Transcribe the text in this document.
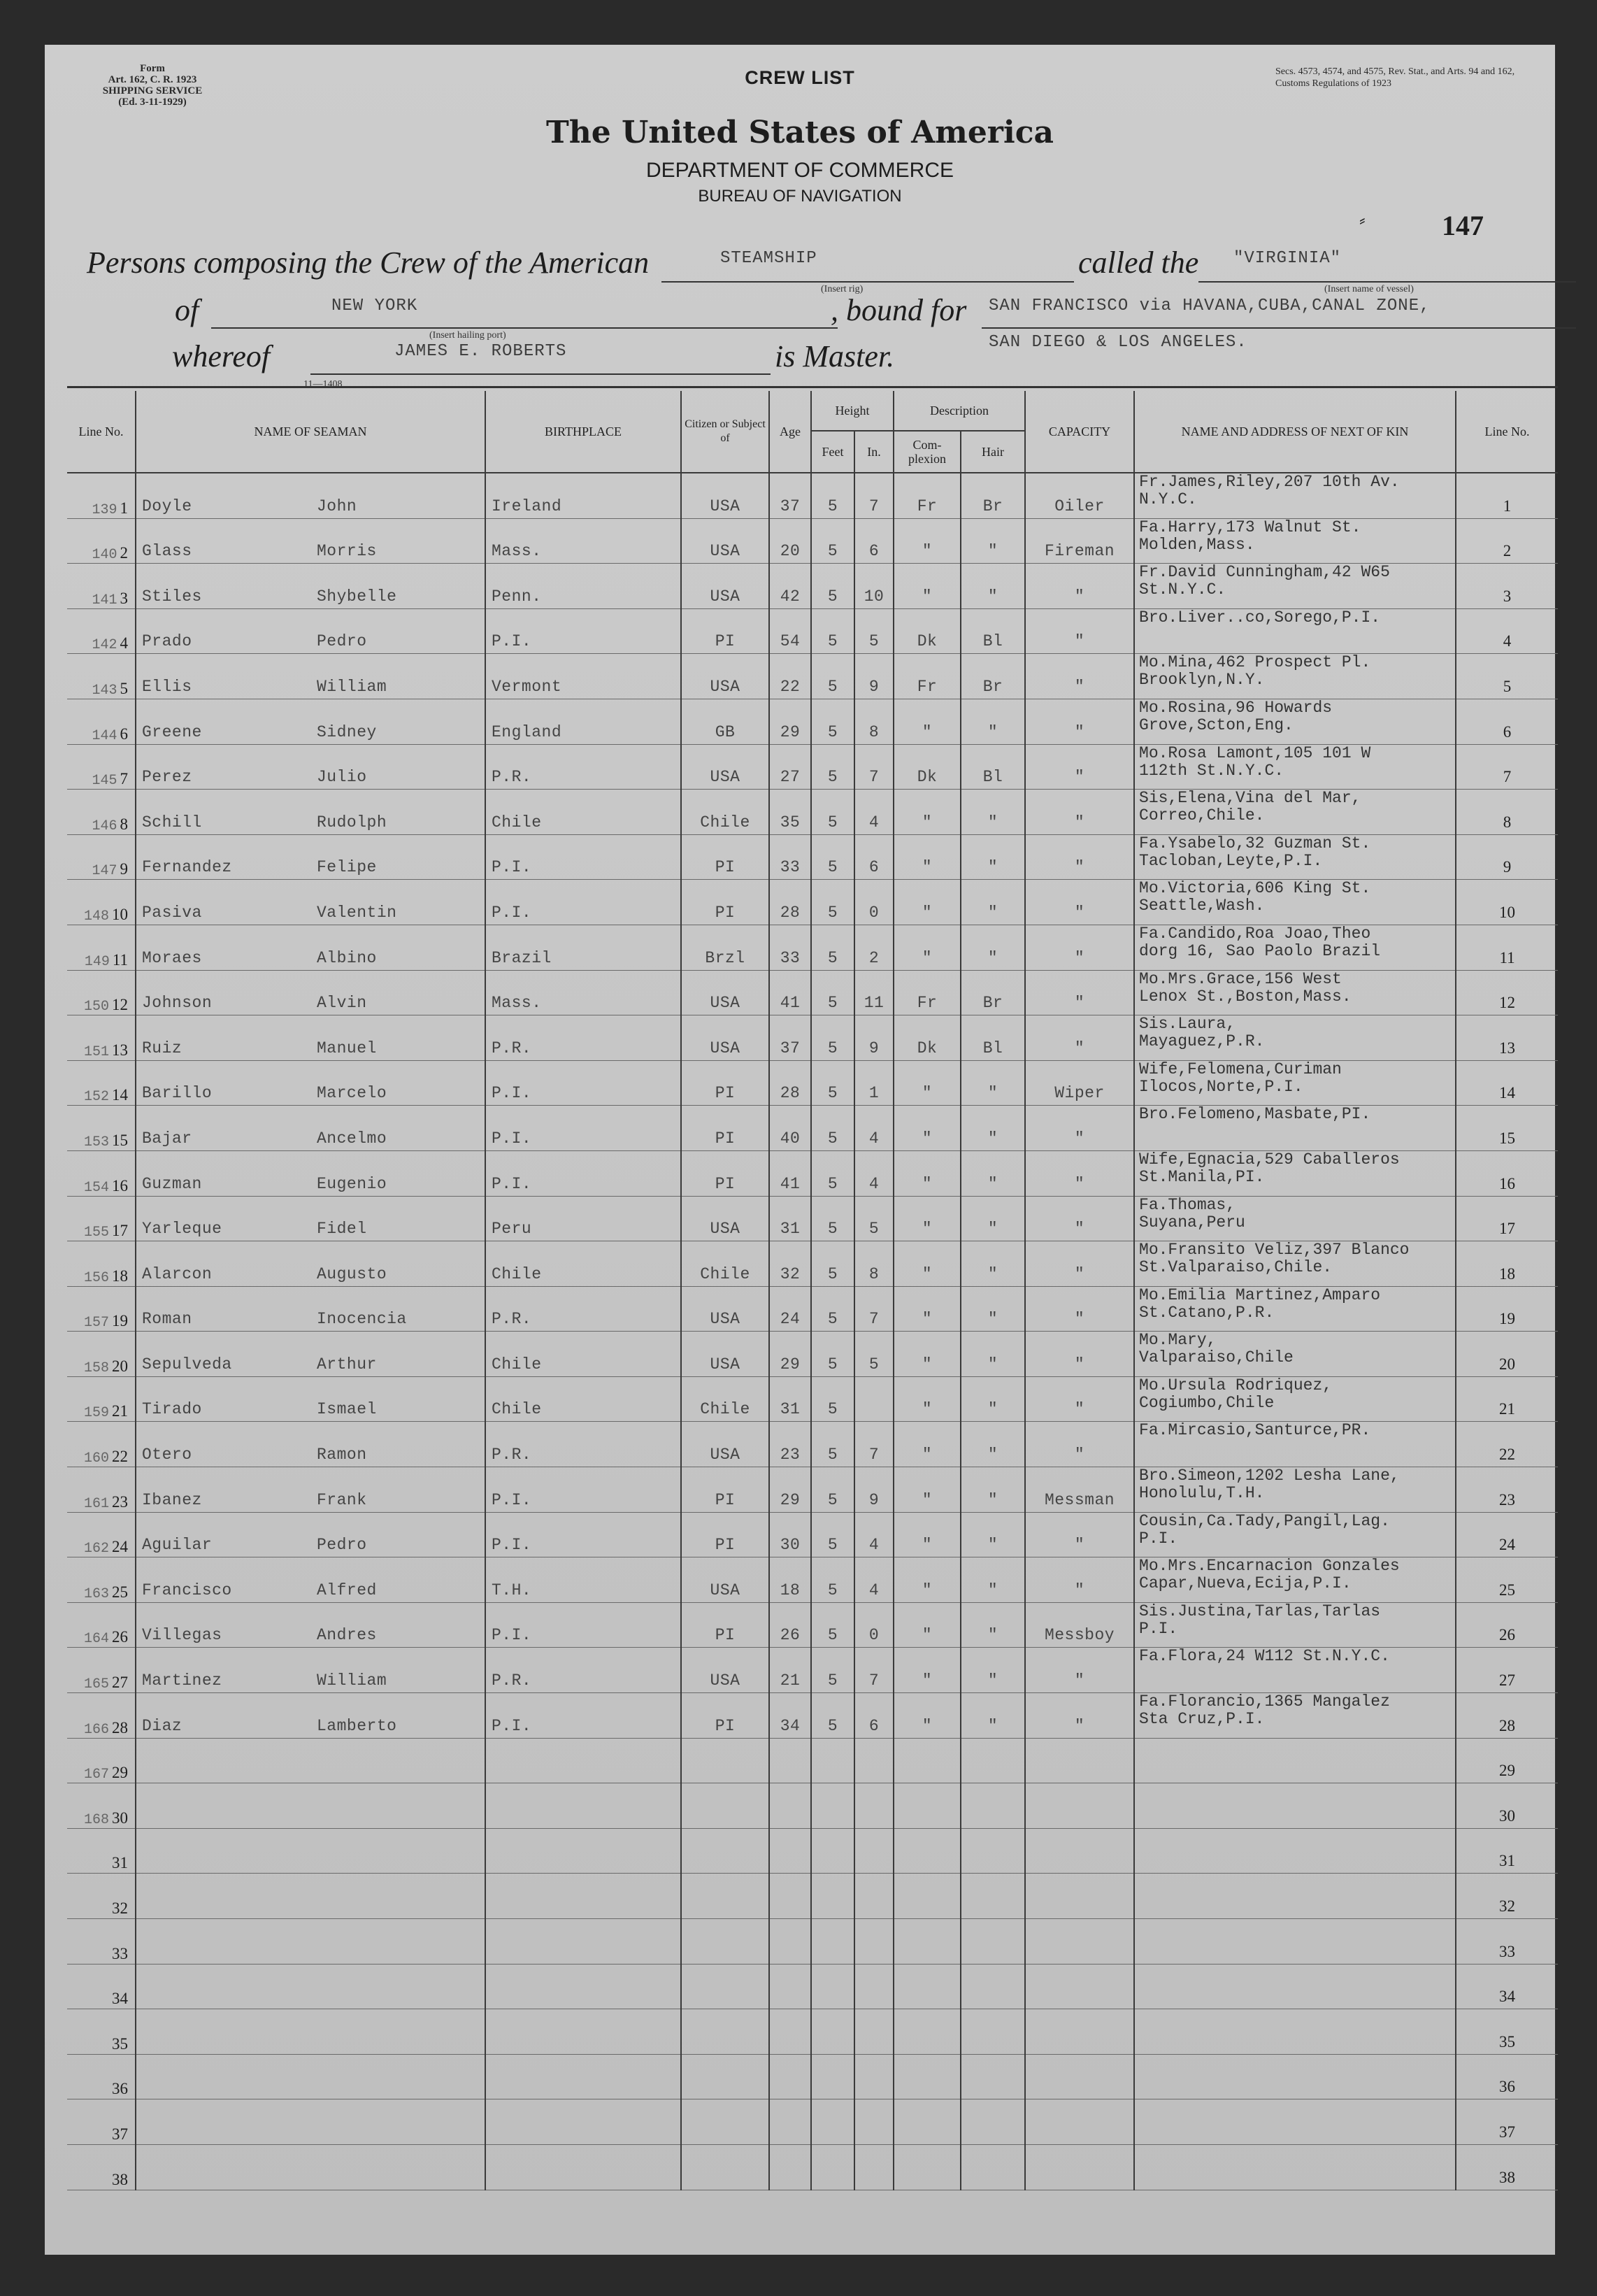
Form
Art. 162, C. R. 1923
SHIPPING SERVICE
(Ed. 3-11-1929)
CREW LIST	Secs. 4573, 4574, and 4575, Rev. Stat., and Arts. 94 and 162, Customs Regulations of 1923
The United States of America
DEPARTMENT OF COMMERCE
BUREAU OF NAVIGATION
⸗	147
Persons composing the Crew of the American	STEAMSHIP
(Insert rig)
called the "VIRGINIA"
(Insert name of vessel)
of	NEW YORK
(Insert hailing port)
, bound for SAN FRANCISCO via HAVANA,CUBA,CANAL ZONE,
SAN DIEGO & LOS ANGELES.
whereof	JAMES E. ROBERTS	is Master.
11—1408
Line No.	NAME OF SEAMAN	BIRTHPLACE	Citizen or Subject of	Age	Height		Description		CAPACITY	NAME AND ADDRESS OF NEXT OF KIN	Line No.
					Feet	In.	Com- plexion	Hair			
139 1	Doyle John	Ireland	USA	37	5	7	Fr	Br	Oiler	Fr.James,Riley,207 10th Av.
N.Y.C.	1
140 2	Glass Morris	Mass.	USA	20	5	6	"	"	Fireman	Fa.Harry,173 Walnut St.
Molden,Mass.	2
141 3	Stiles Shybelle	Penn.	USA	42	5	10	"	"	"	Fr.David Cunningham,42 W65
St.N.Y.C.	3
142 4	Prado Pedro	P.I.	PI	54	5	5	Dk	Bl	"	Bro.Liver..co,Sorego,P.I.	4
143 5	Ellis William	Vermont	USA	22	5	9	Fr	Br	"	Mo.Mina,462 Prospect Pl.
Brooklyn,N.Y.	5
144 6	Greene Sidney	England	GB	29	5	8	"	"	"	Mo.Rosina,96 Howards
Grove,Scton,Eng.	6
145 7	Perez Julio	P.R.	USA	27	5	7	Dk	Bl	"	Mo.Rosa Lamont,105 101 W
112th St.N.Y.C.	7
146 8	Schill Rudolph	Chile	Chile	35	5	4	"	"	"	Sis,Elena,Vina del Mar,
Correo,Chile.	8
147 9	Fernandez Felipe	P.I.	PI	33	5	6	"	"	"	Fa.Ysabelo,32 Guzman St.
Tacloban,Leyte,P.I.	9
148 10	Pasiva Valentin	P.I.	PI	28	5	0	"	"	"	Mo.Victoria,606 King St.
Seattle,Wash.	10
149 11	Moraes Albino	Brazil	Brzl	33	5	2	"	"	"	Fa.Candido,Roa Joao,Theo
dorg 16, Sao Paolo Brazil	11
150 12	Johnson Alvin	Mass.	USA	41	5	11	Fr	Br	"	Mo.Mrs.Grace,156 West
Lenox St.,Boston,Mass.	12
151 13	Ruiz Manuel	P.R.	USA	37	5	9	Dk	Bl	"	Sis.Laura,
Mayaguez,P.R.	13
152 14	Barillo Marcelo	P.I.	PI	28	5	1	"	"	Wiper	Wife,Felomena,Curiman
Ilocos,Norte,P.I.	14
153 15	Bajar Ancelmo	P.I.	PI	40	5	4	"	"	"	Bro.Felomeno,Masbate,PI.	15
154 16	Guzman Eugenio	P.I.	PI	41	5	4	"	"	"	Wife,Egnacia,529 Caballeros
St.Manila,PI.	16
155 17	Yarleque Fidel	Peru	USA	31	5	5	"	"	"	Fa.Thomas,
Suyana,Peru	17
156 18	Alarcon Augusto	Chile	Chile	32	5	8	"	"	"	Mo.Fransito Veliz,397 Blanco
St.Valparaiso,Chile.	18
157 19	Roman Inocencia	P.R.	USA	24	5	7	"	"	"	Mo.Emilia Martinez,Amparo
St.Catano,P.R.	19
158 20	Sepulveda Arthur	Chile	USA	29	5	5	"	"	"	Mo.Mary,
Valparaiso,Chile	20
159 21	Tirado Ismael	Chile	Chile	31	5		"	"	"	Mo.Ursula Rodriquez,
Cogiumbo,Chile	21
160 22	Otero Ramon	P.R.	USA	23	5	7	"	"	"	Fa.Mircasio,Santurce,PR.	22
161 23	Ibanez Frank	P.I.	PI	29	5	9	"	"	Messman	Bro.Simeon,1202 Lesha Lane,
Honolulu,T.H.	23
162 24	Aguilar Pedro	P.I.	PI	30	5	4	"	"	"	Cousin,Ca.Tady,Pangil,Lag.
P.I.	24
163 25	Francisco Alfred	T.H.	USA	18	5	4	"	"	"	Mo.Mrs.Encarnacion Gonzales
Capar,Nueva,Ecija,P.I.	25
164 26	Villegas Andres	P.I.	PI	26	5	0	"	"	Messboy	Sis.Justina,Tarlas,Tarlas
P.I.	26
165 27	Martinez William	P.R.	USA	21	5	7	"	"	"	Fa.Flora,24 W112 St.N.Y.C.	27
166 28	Diaz Lamberto	P.I.	PI	34	5	6	"	"	"	Fa.Florancio,1365 Mangalez
Sta Cruz,P.I.	28
167 29											29
168 30											30
31											31
32											32
33											33
34											34
35											35
36											36
37											37
38											38
